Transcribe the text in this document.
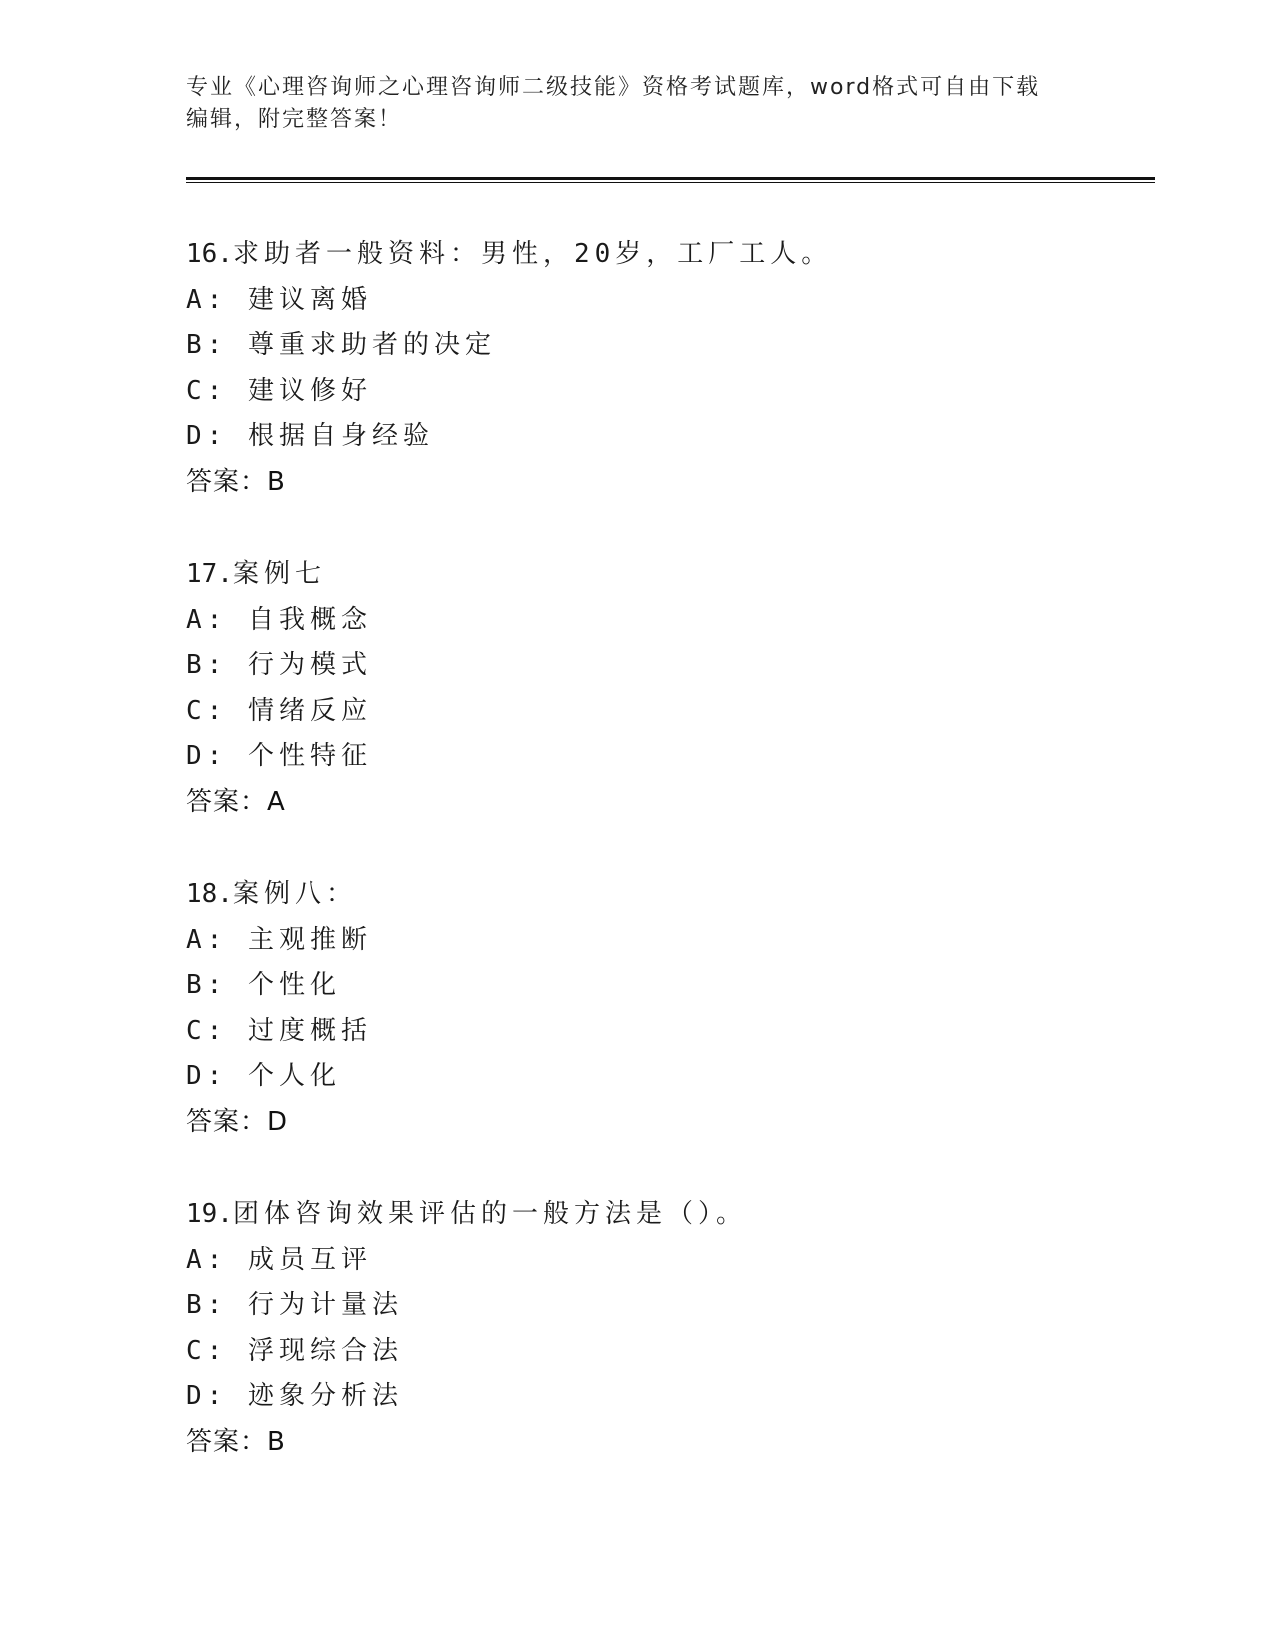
专业《心理咨询师之心理咨询师二级技能》资格考试题库，word格式可自由下载
编辑，附完整答案！
16.求助者一般资料：男性，20岁，工厂工人。
A: 建议离婚
B: 尊重求助者的决定
C: 建议修好
D: 根据自身经验
答案：B
17.案例七
A: 自我概念
B: 行为模式
C: 情绪反应
D: 个性特征
答案：A
18.案例八：
A: 主观推断
B: 个性化
C: 过度概括
D: 个人化
答案：D
19.团体咨询效果评估的一般方法是（）。
A: 成员互评
B: 行为计量法
C: 浮现综合法
D: 迹象分析法
答案：B
